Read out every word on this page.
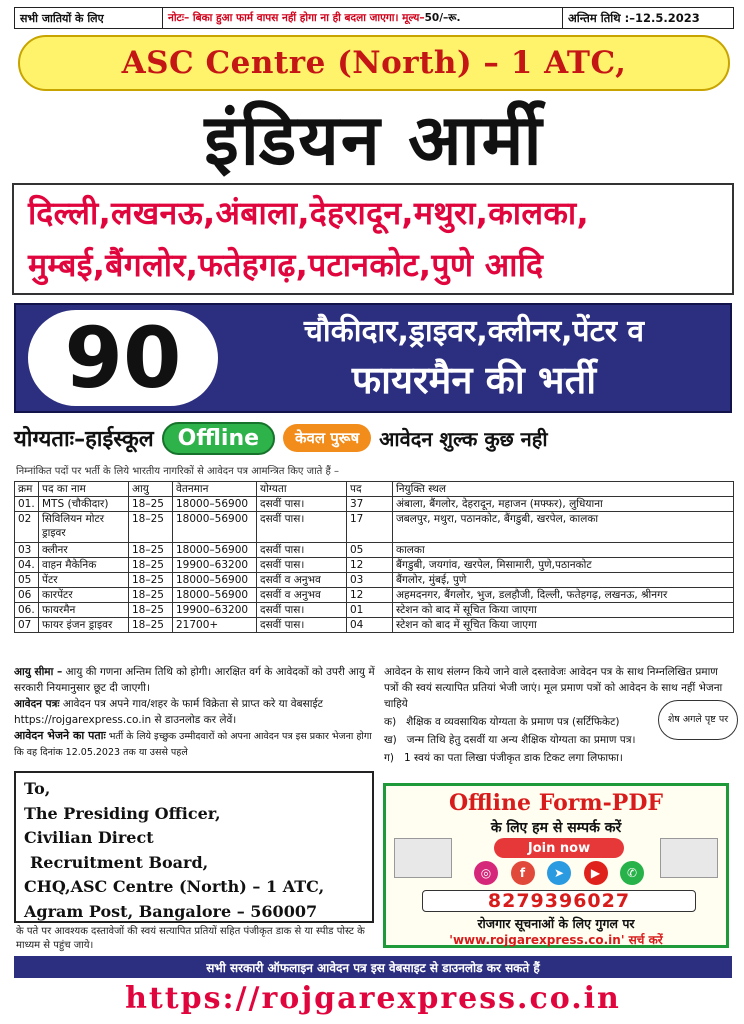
सभी जातियों के लिए	नोटः– बिका हुआ फार्म वापस नहीं होगा ना ही बदला जाएगा। मूल्य– 50/–रू.	अन्तिम तिथि :–12.5.2023
ASC Centre (North) – 1 ATC,
इंडियन आर्मी
दिल्ली,लखनऊ,अंबाला,देहरादून,मथुरा,कालका,
मुम्बई,बैंगलोर,फतेहगढ़,पटानकोट,पुणे आदि
90	चौकीदार,ड्राइवर,क्लीनर,पेंटर व
फायरमैन की भर्ती
योग्यताः–हाईस्कूल	Offline	केवल पुरूष	आवेदन शुल्क कुछ नही
निम्नांकित पदों पर भर्ती के लिये भारतीय नागरिकों से आवेदन पत्र आमन्त्रित किए जाते हैं –
क्रम	पद का नाम	आयु	वेतनमान	योग्यता	पद	नियुक्ति स्थल
01.	MTS (चौकीदार)	18–25	18000–56900	दसवीं पास।	37	अंबाला, बैंगलोर, देहरादून, महाजन (मफ्फर), लुधियाना
02	सिविलियन मोटर ड्राइवर	18–25	18000–56900	दसवीं पास।	17	जबलपुर, मथुरा, पठानकोट, बैंगडुबी, खरपेल, कालका
03	क्लीनर	18–25	18000–56900	दसवीं पास।	05	कालका
04.	वाहन मैकेनिक	18–25	19900–63200	दसवीं पास।	12	बैंगडुबी, जयगांव, खरपेल, मिसामारी, पुणे,पठानकोट
05	पेंटर	18–25	18000–56900	दसवीं व अनुभव	03	बैंगलोर, मुंबई, पुणे
06	कारपेंटर	18–25	18000–56900	दसवीं व अनुभव	12	अहमदनगर, बैंगलोर, भुज, डलहौजी, दिल्ली, फतेहगढ़, लखनऊ, श्रीनगर
06.	फायरमैन	18–25	19900–63200	दसवीं पास।	01	स्टेशन को बाद में सूचित किया जाएगा
07	फायर इंजन ड्राइवर	18–25	21700+	दसवीं पास।	04	स्टेशन को बाद में सूचित किया जाएगा
आयु सीमा – आयु की गणना अन्तिम तिथि को होगी। आरक्षित वर्ग के आवेदकों को उपरी आयु में सरकारी नियमानुसार छूट दी जाएगी।
आवेदन पत्रः आवेदन पत्र अपने गाव/शहर के फार्म विक्रेता से प्राप्त करे या वेबसाईट https://rojgarexpress.co.in से डाउनलोड कर लेवें।
आवेदन भेजने का पताः भर्ती के लिये इच्छुक उम्मीदवारों को अपना आवेदन पत्र इस प्रकार भेजना होगा कि वह दिनांक 12.05.2023 तक या उससे पहले
आवेदन के साथ संलग्न किये जाने वाले दस्तावेजः आवेदन पत्र के साथ निम्नलिखित प्रमाण पत्रों की स्वयं सत्यापित प्रतियां भेजी जाएं। मूल प्रमाण पत्रों को आवेदन के साथ नहीं भेजना चाहिये
क) शैक्षिक व व्यवसायिक योग्यता के प्रमाण पत्र (सर्टिफिकेट)
ख) जन्म तिथि हेतु दसवीं या अन्य शैक्षिक योग्यता का प्रमाण पत्र।
ग) 1 स्वयं का पता लिखा पंजीकृत डाक टिकट लगा लिफाफा।
शेष अगले पृष्ट पर
To,
The Presiding Officer,
Civilian Direct
Recruitment Board,
CHQ,ASC Centre (North) – 1 ATC,
Agram Post, Bangalore – 560007
के पते पर आवश्यक दस्तावेजों की स्वयं सत्यापित प्रतियों सहित पंजीकृत डाक से या स्पीड पोस्ट के माध्यम से पहुंच जाये।
Offline Form-PDF
के लिए हम से सम्पर्क करें
Join now
◎	f	➤	▶	✆
8279396027
रोजगार सूचनाओं के लिए गुगल पर
'www.rojgarexpress.co.in' सर्च करें
सभी सरकारी ऑफलाइन आवेदन पत्र इस वेबसाइट से डाउनलोड कर सकते हैं
https://rojgarexpress.co.in
